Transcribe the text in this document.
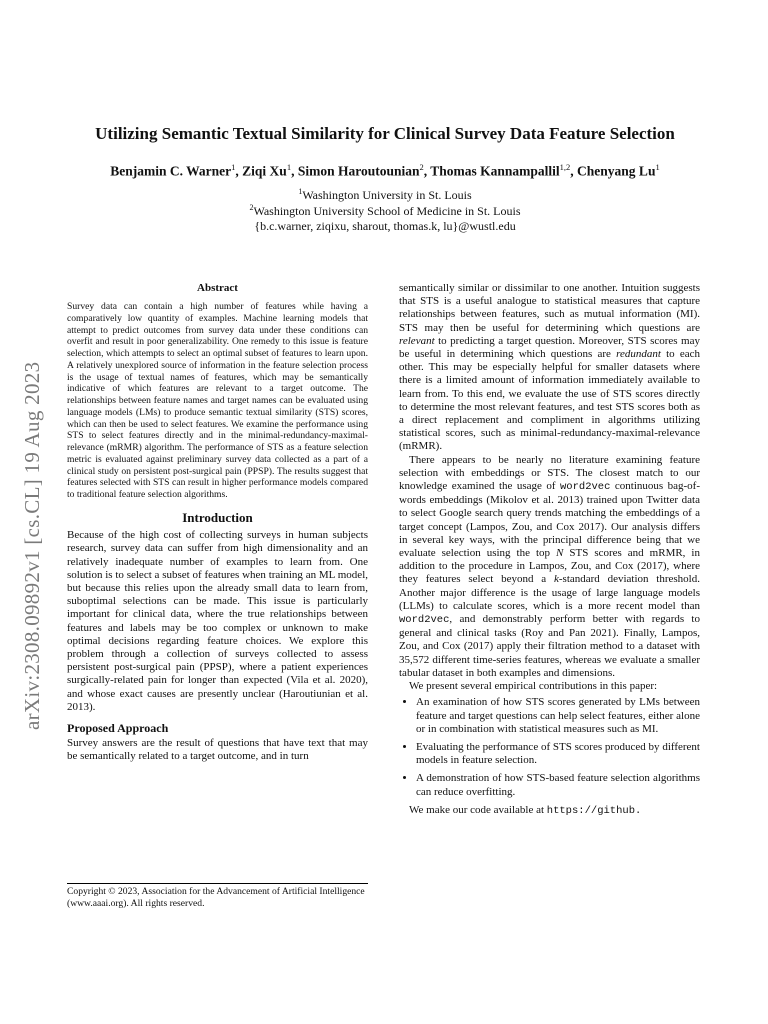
arXiv:2308.09892v1 [cs.CL] 19 Aug 2023
Utilizing Semantic Textual Similarity for Clinical Survey Data Feature Selection
Benjamin C. Warner$^1$, Ziqi Xu$^1$, Simon Haroutounian$^2$, Thomas Kannampallil$^{1,2}$, Chenyang Lu$^1$
$^1$Washington University in St. Louis
$^2$Washington University School of Medicine in St. Louis
{b.c.warner, ziqixu, sharout, thomas.k, lu}@wustl.edu
Abstract

Survey data can contain a high number of features while having a comparatively low quantity of examples. Machine learning models that attempt to predict outcomes from survey data under these conditions can overfit and result in poor generalizability. One remedy to this issue is feature selection, which attempts to select an optimal subset of features to learn upon. A relatively unexplored source of information in the feature selection process is the usage of textual names of features, which may be semantically indicative of which features are relevant to a target outcome. The relationships between feature names and target names can be evaluated using language models (LMs) to produce semantic textual similarity (STS) scores, which can then be used to select features. We examine the performance using STS to select features directly and in the minimal-redundancy-maximal-relevance (mRMR) algorithm. The performance of STS as a feature selection metric is evaluated against preliminary survey data collected as a part of a clinical study on persistent post-surgical pain (PPSP). The results suggest that features selected with STS can result in higher performance models compared to traditional feature selection algorithms.

Introduction

Because of the high cost of collecting surveys in human subjects research, survey data can suffer from high dimensionality and an relatively inadequate number of examples to learn from. One solution is to select a subset of features when training an ML model, but because this relies upon the already small data to learn from, suboptimal selections can be made. This issue is particularly important for clinical data, where the true relationships between features and labels may be too complex or unknown to make optimal decisions regarding feature choices. We explore this problem through a collection of surveys collected to assess persistent post-surgical pain (PPSP), where a patient experiences surgically-related pain for longer than expected (Vila et al. 2020), and whose exact causes are presently unclear (Haroutiunian et al. 2013).

Proposed Approach

Survey answers are the result of questions that have text that may be semantically related to a target outcome, and in turn

Copyright © 2023, Association for the Advancement of Artificial Intelligence (www.aaai.org). All rights reserved.

semantically similar or dissimilar to one another. Intuition suggests that STS is a useful analogue to statistical measures that capture relationships between features, such as mutual information (MI). STS may then be useful for determining which questions are relevant to predicting a target question. Moreover, STS scores may be useful in determining which questions are redundant to each other. This may be especially helpful for smaller datasets where there is a limited amount of information immediately available to learn from. To this end, we evaluate the use of STS scores directly to determine the most relevant features, and test STS scores both as a direct replacement and compliment in algorithms utilizing statistical scores, such as minimal-redundancy-maximal-relevance (mRMR).

There appears to be nearly no literature examining feature selection with embeddings or STS. The closest match to our knowledge examined the usage of word2vec continuous bag-of-words embeddings (Mikolov et al. 2013) trained upon Twitter data to select Google search query trends matching the embeddings of a target concept (Lampos, Zou, and Cox 2017). Our analysis differs in several key ways, with the principal difference being that we evaluate selection using the top N STS scores and mRMR, in addition to the procedure in Lampos, Zou, and Cox (2017), where they features select beyond a k-standard deviation threshold. Another major difference is the usage of large language models (LLMs) to calculate scores, which is a more recent model than word2vec, and demonstrably perform better with regards to general and clinical tasks (Roy and Pan 2021). Finally, Lampos, Zou, and Cox (2017) apply their filtration method to a dataset with 35,572 different time-series features, whereas we evaluate a smaller tabular dataset in both examples and dimensions.

We present several empirical contributions in this paper:

• An examination of how STS scores generated by LMs between feature and target questions can help select features, either alone or in combination with statistical measures such as MI.
• Evaluating the performance of STS scores produced by different models in feature selection.
• A demonstration of how STS-based feature selection algorithms can reduce overfitting.

We make our code available at https://github.
